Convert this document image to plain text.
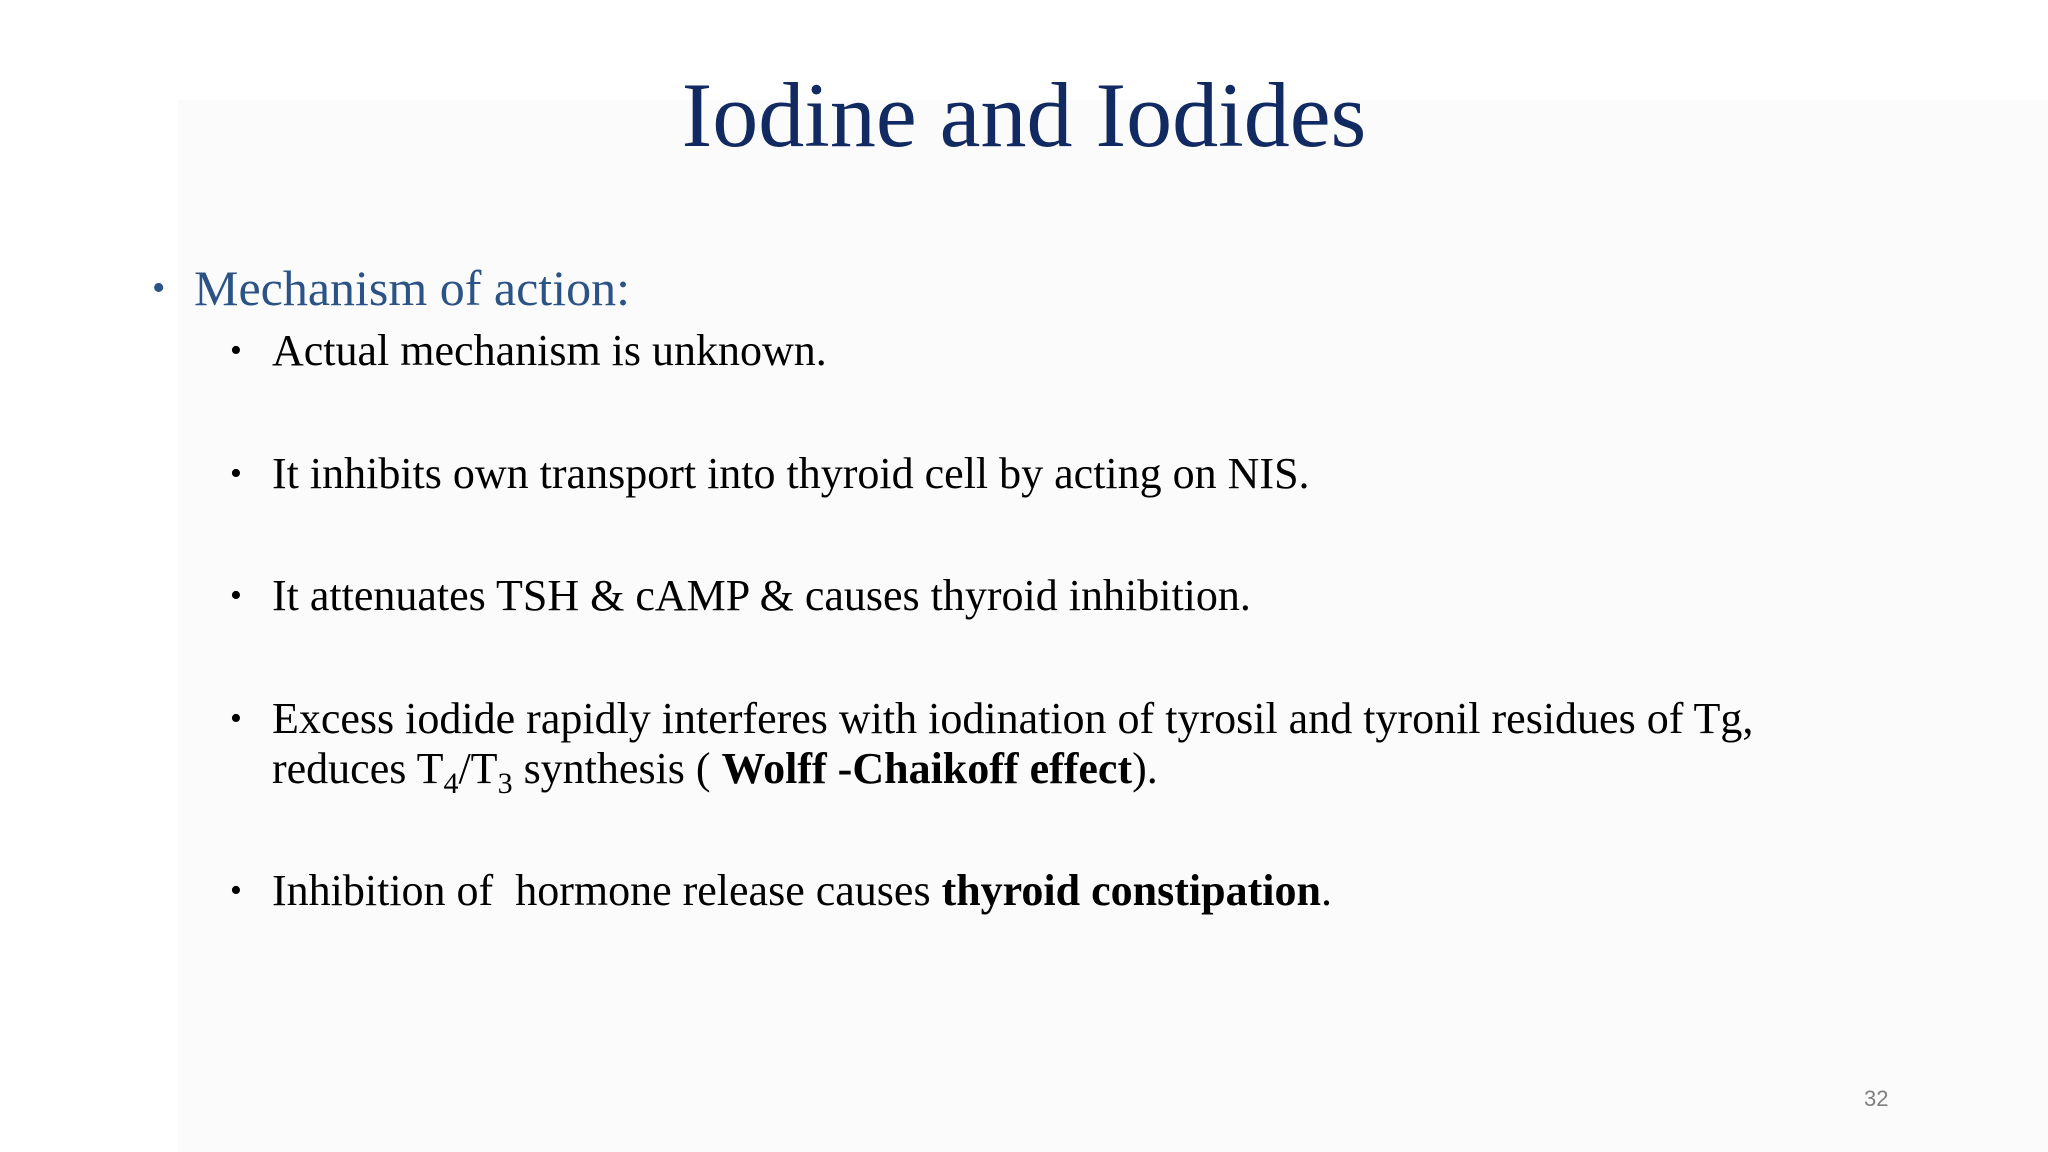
Iodine and Iodides
• Mechanism of action:
• Actual mechanism is unknown.
• It inhibits own transport into thyroid cell by acting on NIS.
• It attenuates TSH & cAMP & causes thyroid inhibition.
• Excess iodide rapidly interferes with iodination of tyrosil and tyronil residues of Tg,
reduces $T_4/T_3$ synthesis ( Wolff -Chaikoff effect).
• Inhibition of  hormone release causes thyroid constipation.
32
